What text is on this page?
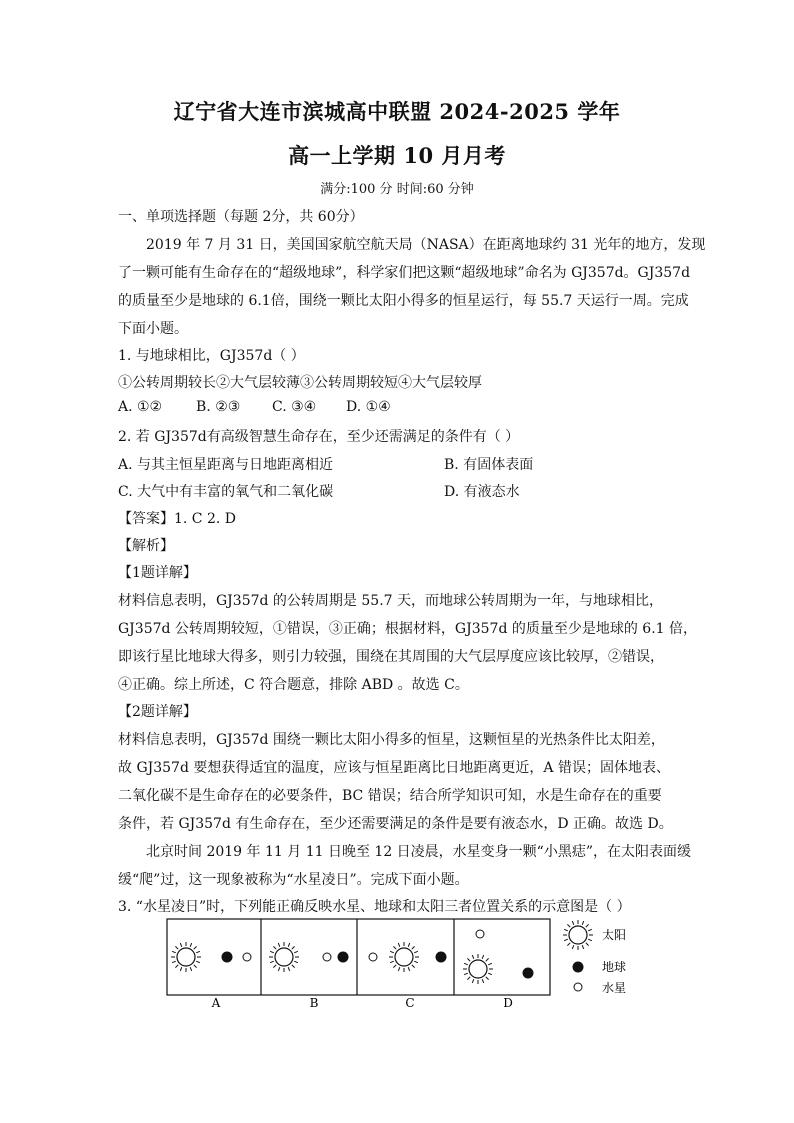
辽宁省大连市滨城高中联盟 2024-2025 学年
高一上学期 10 月月考
满分:100 分 时间:60 分钟
一、单项选择题（每题 2分，共 60分）
2019 年 7 月 31 日，美国国家航空航天局（NASA）在距离地球约 31 光年的地方，发现
了一颗可能有生命存在的“超级地球”，科学家们把这颗“超级地球”命名为 GJ357d。GJ357d
的质量至少是地球的 6.1倍，围绕一颗比太阳小得多的恒星运行，每 55.7 天运行一周。完成
下面小题。
1. 与地球相比，GJ357d（ ）
①公转周期较长②大气层较薄③公转周期较短④大气层较厚
A. ①② B. ②③ C. ③④ D. ①④
2. 若 GJ357d有高级智慧生命存在，至少还需满足的条件有（ ）
A. 与其主恒星距离与日地距离相近	B. 有固体表面
C. 大气中有丰富的氧气和二氧化碳	D. 有液态水
【答案】1. C 2. D
【解析】
【1题详解】
材料信息表明，GJ357d 的公转周期是 55.7 天，而地球公转周期为一年，与地球相比，
GJ357d 公转周期较短，①错误，③正确；根据材料，GJ357d 的质量至少是地球的 6.1 倍，
即该行星比地球大得多，则引力较强，围绕在其周围的大气层厚度应该比较厚，②错误，
④正确。综上所述，C 符合题意，排除 ABD 。故选 C。
【2题详解】
材料信息表明，GJ357d 围绕一颗比太阳小得多的恒星，这颗恒星的光热条件比太阳差，
故 GJ357d 要想获得适宜的温度，应该与恒星距离比日地距离更近，A 错误；固体地表、
二氧化碳不是生命存在的必要条件，BC 错误；结合所学知识可知，水是生命存在的重要
条件，若 GJ357d 有生命存在，至少还需要满足的条件是要有液态水，D 正确。故选 D。
北京时间 2019 年 11 月 11 日晚至 12 日凌晨，水星变身一颗“小黑痣”，在太阳表面缓
缓“爬”过，这一现象被称为“水星凌日”。完成下面小题。
3. “水星凌日”时，下列能正确反映水星、地球和太阳三者位置关系的示意图是（ ）
A	B	C	D
太阳
地球
水星
